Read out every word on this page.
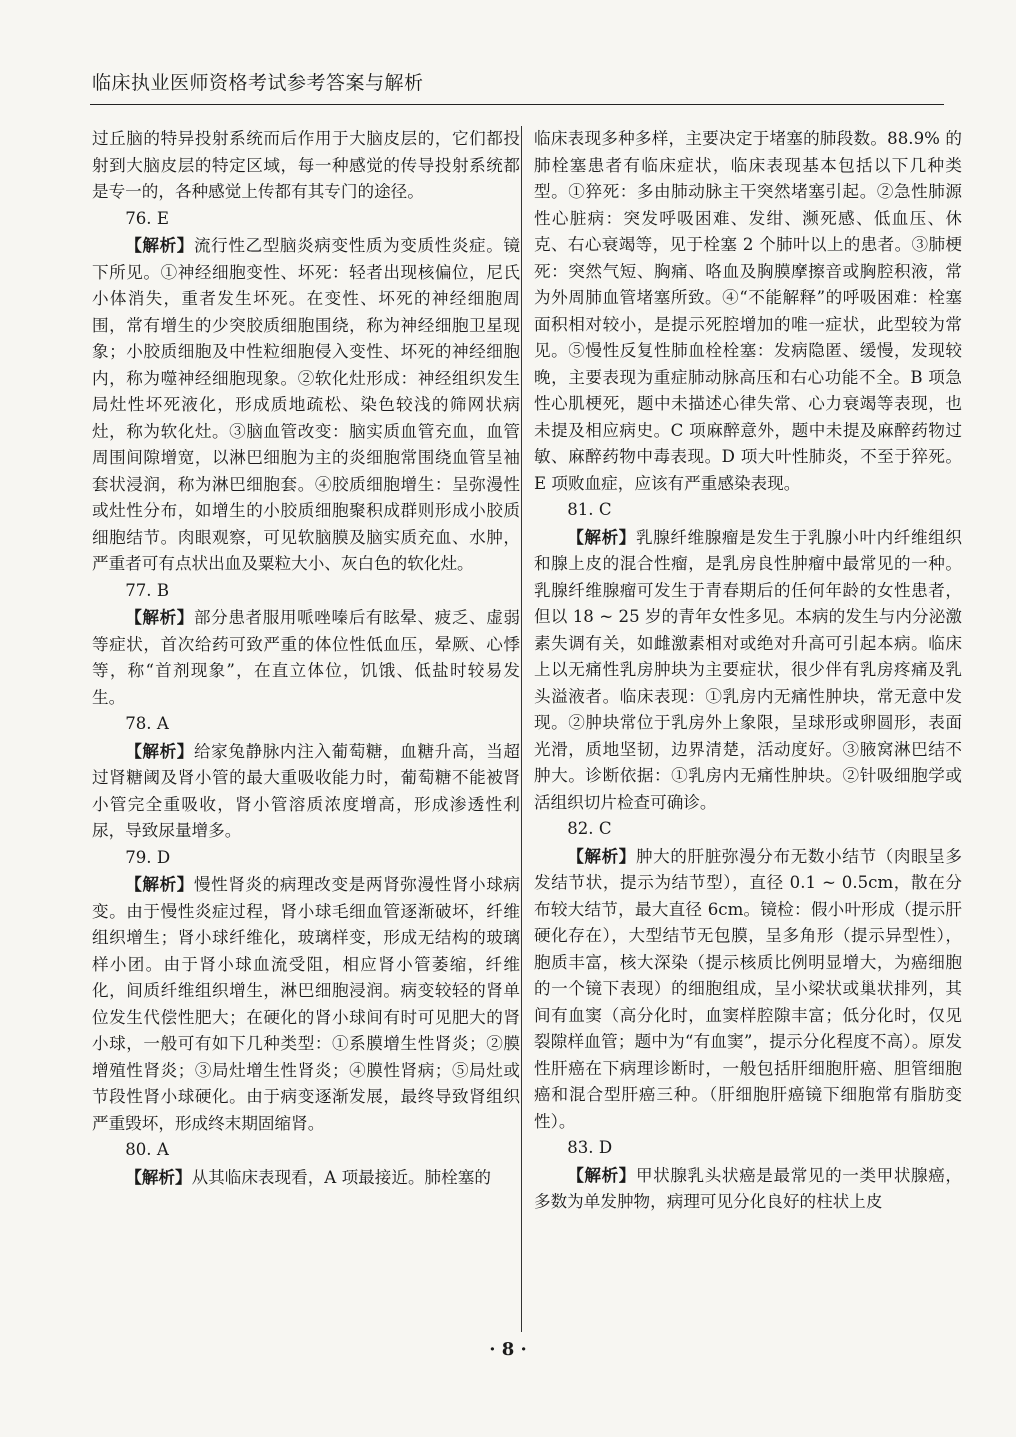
临床执业医师资格考试参考答案与解析

过丘脑的特异投射系统而后作用于大脑皮层的，它们都投射到大脑皮层的特定区域，每一种感觉的传导投射系统都是专一的，各种感觉上传都有其专门的途径。

76. E

【解析】流行性乙型脑炎病变性质为变质性炎症。镜下所见。①神经细胞变性、坏死：轻者出现核偏位，尼氏小体消失，重者发生坏死。在变性、坏死的神经细胞周围，常有增生的少突胶质细胞围绕，称为神经细胞卫星现象；小胶质细胞及中性粒细胞侵入变性、坏死的神经细胞内，称为噬神经细胞现象。②软化灶形成：神经组织发生局灶性坏死液化，形成质地疏松、染色较浅的筛网状病灶，称为软化灶。③脑血管改变：脑实质血管充血，血管周围间隙增宽，以淋巴细胞为主的炎细胞常围绕血管呈袖套状浸润，称为淋巴细胞套。④胶质细胞增生：呈弥漫性或灶性分布，如增生的小胶质细胞聚积成群则形成小胶质细胞结节。肉眼观察，可见软脑膜及脑实质充血、水肿，严重者可有点状出血及粟粒大小、灰白色的软化灶。

77. B

【解析】部分患者服用哌唑嗪后有眩晕、疲乏、虚弱等症状，首次给药可致严重的体位性低血压，晕厥、心悸等，称“首剂现象”，在直立体位，饥饿、低盐时较易发生。

78. A

【解析】给家兔静脉内注入葡萄糖，血糖升高，当超过肾糖阈及肾小管的最大重吸收能力时，葡萄糖不能被肾小管完全重吸收，肾小管溶质浓度增高，形成渗透性利尿，导致尿量增多。

79. D

【解析】慢性肾炎的病理改变是两肾弥漫性肾小球病变。由于慢性炎症过程，肾小球毛细血管逐渐破坏，纤维组织增生；肾小球纤维化，玻璃样变，形成无结构的玻璃样小团。由于肾小球血流受阻，相应肾小管萎缩，纤维化，间质纤维组织增生，淋巴细胞浸润。病变较轻的肾单位发生代偿性肥大；在硬化的肾小球间有时可见肥大的肾小球，一般可有如下几种类型：①系膜增生性肾炎；②膜增殖性肾炎；③局灶增生性肾炎；④膜性肾病；⑤局灶或节段性肾小球硬化。由于病变逐渐发展，最终导致肾组织严重毁坏，形成终末期固缩肾。

80. A

【解析】从其临床表现看，A 项最接近。肺栓塞的

临床表现多种多样，主要决定于堵塞的肺段数。88.9% 的肺栓塞患者有临床症状，临床表现基本包括以下几种类型。①猝死：多由肺动脉主干突然堵塞引起。②急性肺源性心脏病：突发呼吸困难、发绀、濒死感、低血压、休克、右心衰竭等，见于栓塞 2 个肺叶以上的患者。③肺梗死：突然气短、胸痛、咯血及胸膜摩擦音或胸腔积液，常为外周肺血管堵塞所致。④“不能解释”的呼吸困难：栓塞面积相对较小，是提示死腔增加的唯一症状，此型较为常见。⑤慢性反复性肺血栓栓塞：发病隐匿、缓慢，发现较晚，主要表现为重症肺动脉高压和右心功能不全。B 项急性心肌梗死，题中未描述心律失常、心力衰竭等表现，也未提及相应病史。C 项麻醉意外，题中未提及麻醉药物过敏、麻醉药物中毒表现。D 项大叶性肺炎，不至于猝死。E 项败血症，应该有严重感染表现。

81. C

【解析】乳腺纤维腺瘤是发生于乳腺小叶内纤维组织和腺上皮的混合性瘤，是乳房良性肿瘤中最常见的一种。乳腺纤维腺瘤可发生于青春期后的任何年龄的女性患者，但以 18 ~ 25 岁的青年女性多见。本病的发生与内分泌激素失调有关，如雌激素相对或绝对升高可引起本病。临床上以无痛性乳房肿块为主要症状，很少伴有乳房疼痛及乳头溢液者。临床表现：①乳房内无痛性肿块，常无意中发现。②肿块常位于乳房外上象限，呈球形或卵圆形，表面光滑，质地坚韧，边界清楚，活动度好。③腋窝淋巴结不肿大。诊断依据：①乳房内无痛性肿块。②针吸细胞学或活组织切片检查可确诊。

82. C

【解析】肿大的肝脏弥漫分布无数小结节（肉眼呈多发结节状，提示为结节型），直径 0.1 ~ 0.5cm，散在分布较大结节，最大直径 6cm。镜检：假小叶形成（提示肝硬化存在），大型结节无包膜，呈多角形（提示异型性），胞质丰富，核大深染（提示核质比例明显增大，为癌细胞的一个镜下表现）的细胞组成，呈小梁状或巢状排列，其间有血窦（高分化时，血窦样腔隙丰富；低分化时，仅见裂隙样血管；题中为“有血窦”，提示分化程度不高）。原发性肝癌在下病理诊断时，一般包括肝细胞肝癌、胆管细胞癌和混合型肝癌三种。（肝细胞肝癌镜下细胞常有脂肪变性）。

83. D

【解析】甲状腺乳头状癌是最常见的一类甲状腺癌，多数为单发肿物，病理可见分化良好的柱状上皮

· 8 ·
